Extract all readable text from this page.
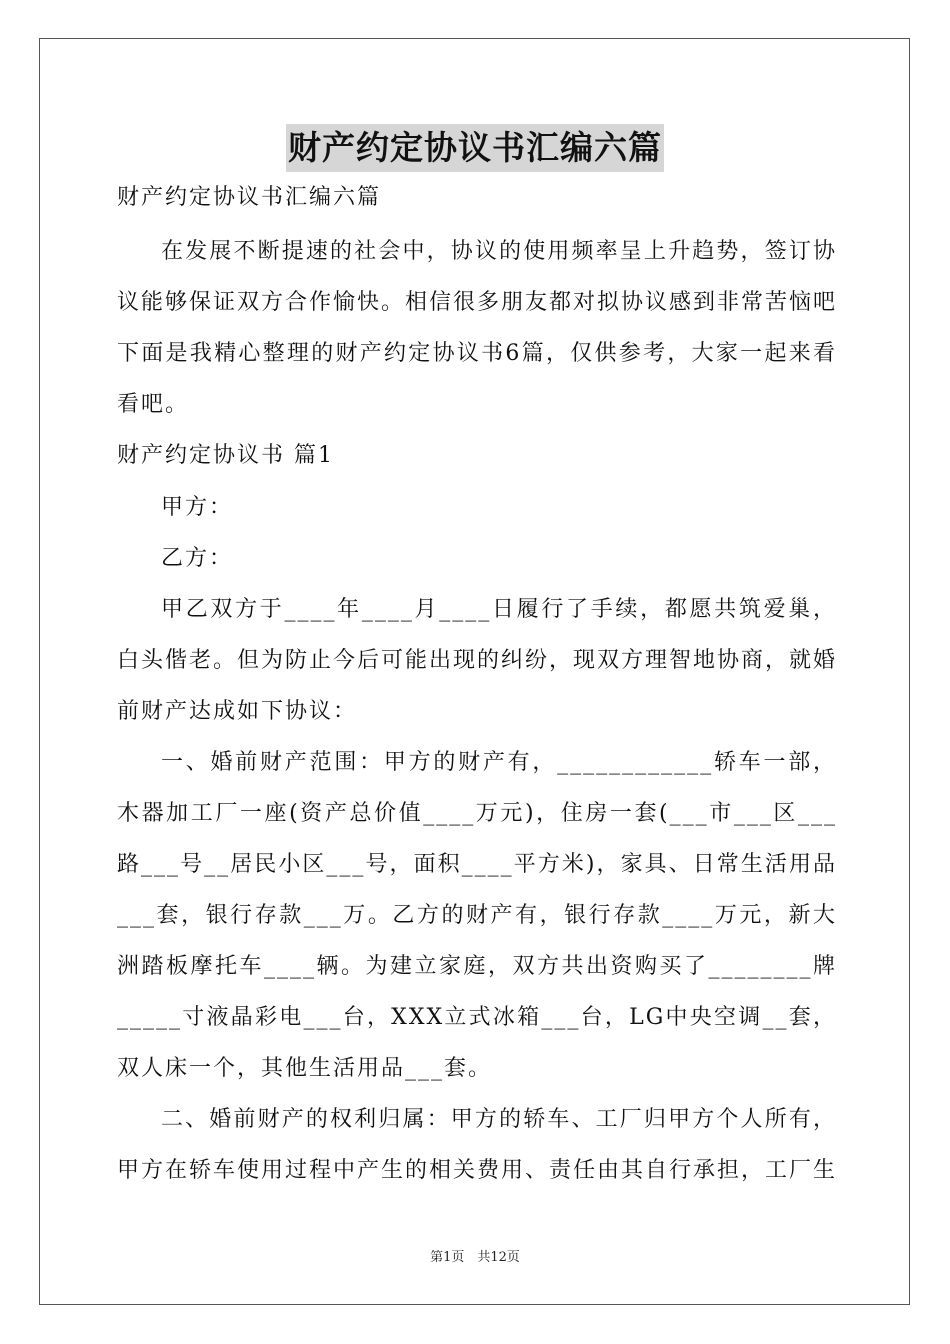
财产约定协议书汇编六篇
财产约定协议书汇编六篇

在发展不断提速的社会中，协议的使用频率呈上升趋势，签订协议能够保证双方合作愉快。相信很多朋友都对拟协议感到非常苦恼吧下面是我精心整理的财产约定协议书6篇，仅供参考，大家一起来看看吧。

财产约定协议书 篇1

甲方：

乙方：

甲乙双方于____年____月____日履行了手续，都愿共筑爱巢，白头偕老。但为防止今后可能出现的纠纷，现双方理智地协商，就婚前财产达成如下协议：

一、婚前财产范围：甲方的财产有，____________轿车一部，木器加工厂一座(资产总价值____万元)，住房一套(___市___区___路___号__居民小区___号，面积____平方米)，家具、日常生活用品___套，银行存款___万。乙方的财产有，银行存款____万元，新大洲踏板摩托车____辆。为建立家庭，双方共出资购买了________牌_____寸液晶彩电___台，XXX立式冰箱___台，LG中央空调__套，双人床一个，其他生活用品___套。

二、婚前财产的权利归属：甲方的轿车、工厂归甲方个人所有，甲方在轿车使用过程中产生的相关费用、责任由其自行承担，工厂生

第1页　共12页
